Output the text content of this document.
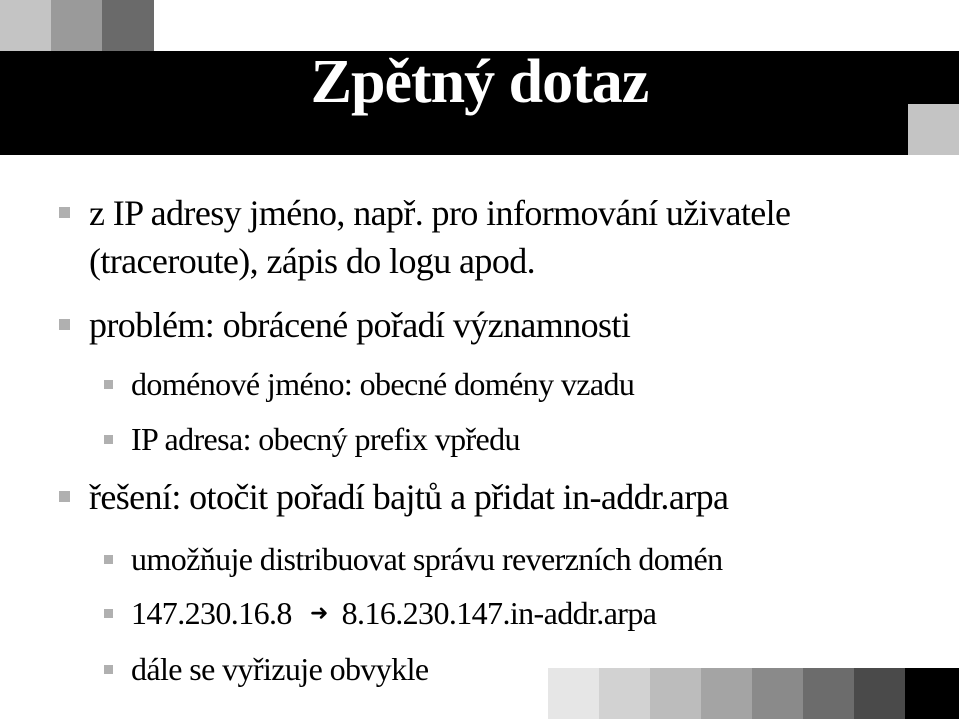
Zpětný dotaz
z IP adresy jméno, např. pro informování uživatele
(traceroute), zápis do logu apod.
problém: obrácené pořadí významnosti
doménové jméno: obecné domény vzadu
IP adresa: obecný prefix vpředu
řešení: otočit pořadí bajtů a přidat in-addr.arpa
umožňuje distribuovat správu reverzních domén
147.230.16.8 ➜ 8.16.230.147.in-addr.arpa
dále se vyřizuje obvykle
